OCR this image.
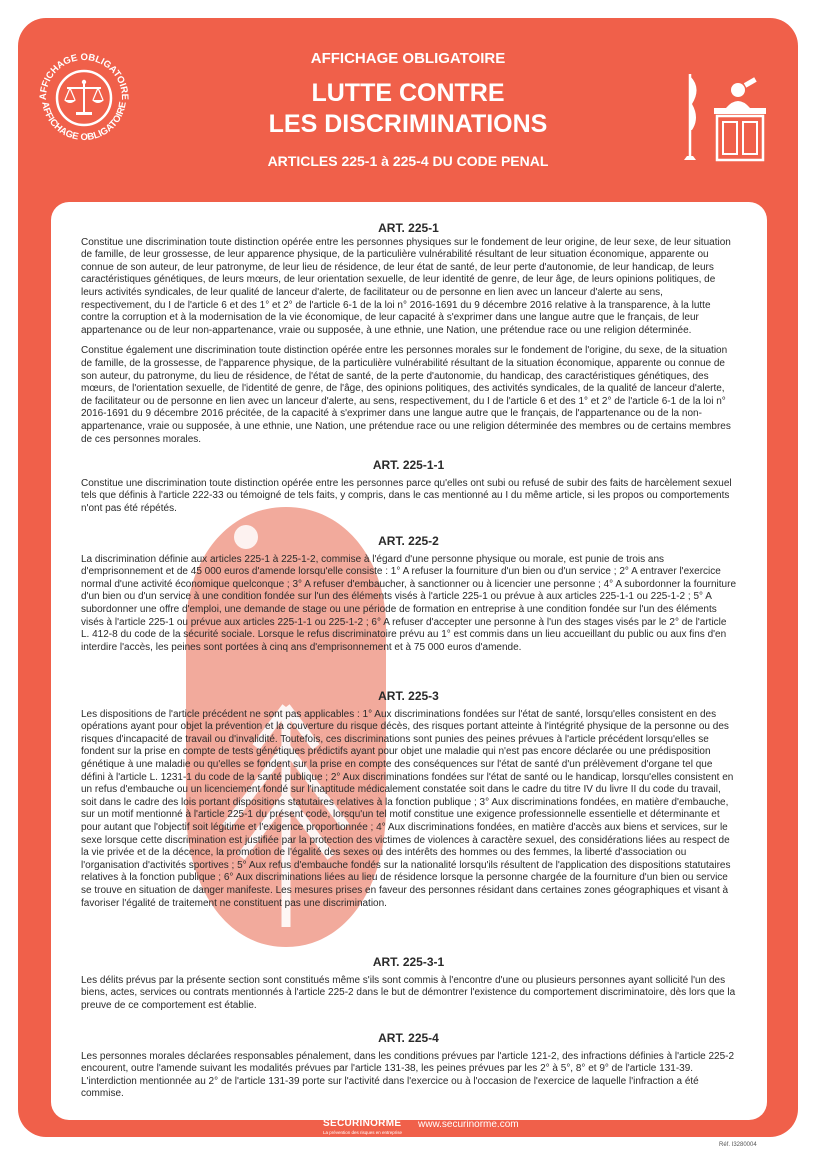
AFFICHAGE OBLIGATOIRE
AFFICHAGE OBLIGATOIRE
AFFICHAGE OBLIGATOIRE
LUTTE CONTRE
LES DISCRIMINATIONS
ARTICLES 225-1 à 225-4 DU CODE PENAL
ART. 225-1

Constitue une discrimination toute distinction opérée entre les personnes physiques sur le fondement de leur origine, de leur sexe, de leur situation de famille, de leur grossesse, de leur apparence physique, de la particulière vulnérabilité résultant de leur situation économique, apparente ou connue de son auteur, de leur patronyme, de leur lieu de résidence, de leur état de santé, de leur perte d'autonomie, de leur handicap, de leurs caractéristiques génétiques, de leurs mœurs, de leur orientation sexuelle, de leur identité de genre, de leur âge, de leurs opinions politiques, de leurs activités syndicales, de leur qualité de lanceur d'alerte, de facilitateur ou de personne en lien avec un lanceur d'alerte au sens, respectivement, du I de l'article 6 et des 1° et 2° de l'article 6-1 de la loi n° 2016-1691 du 9 décembre 2016 relative à la transparence, à la lutte contre la corruption et à la modernisation de la vie économique, de leur capacité à s'exprimer dans une langue autre que le français, de leur appartenance ou de leur non-appartenance, vraie ou supposée, à une ethnie, une Nation, une prétendue race ou une religion déterminée.

Constitue également une discrimination toute distinction opérée entre les personnes morales sur le fondement de l'origine, du sexe, de la situation de famille, de la grossesse, de l'apparence physique, de la particulière vulnérabilité résultant de la situation économique, apparente ou connue de son auteur, du patronyme, du lieu de résidence, de l'état de santé, de la perte d'autonomie, du handicap, des caractéristiques génétiques, des mœurs, de l'orientation sexuelle, de l'identité de genre, de l'âge, des opinions politiques, des activités syndicales, de la qualité de lanceur d'alerte, de facilitateur ou de personne en lien avec un lanceur d'alerte, au sens, respectivement, du I de l'article 6 et des 1° et 2° de l'article 6-1 de la loi n° 2016-1691 du 9 décembre 2016 précitée, de la capacité à s'exprimer dans une langue autre que le français, de l'appartenance ou de la non-appartenance, vraie ou supposée, à une ethnie, une Nation, une prétendue race ou une religion déterminée des membres ou de certains membres de ces personnes morales.

ART. 225-1-1

Constitue une discrimination toute distinction opérée entre les personnes parce qu'elles ont subi ou refusé de subir des faits de harcèlement sexuel tels que définis à l'article 222-33 ou témoigné de tels faits, y compris, dans le cas mentionné au I du même article, si les propos ou comportements n'ont pas été répétés.

ART. 225-2

La discrimination définie aux articles 225-1 à 225-1-2, commise à l'égard d'une personne physique ou morale, est punie de trois ans d'emprisonnement et de 45 000 euros d'amende lorsqu'elle consiste : 1° A refuser la fourniture d'un bien ou d'un service ; 2° A entraver l'exercice normal d'une activité économique quelconque ; 3° A refuser d'embaucher, à sanctionner ou à licencier une personne ; 4° A subordonner la fourniture d'un bien ou d'un service à une condition fondée sur l'un des éléments visés à l'article 225-1 ou prévue à aux articles 225-1-1 ou 225-1-2 ; 5° A subordonner une offre d'emploi, une demande de stage ou une période de formation en entreprise à une condition fondée sur l'un des éléments visés à l'article 225-1 ou prévue aux articles 225-1-1 ou 225-1-2 ; 6° A refuser d'accepter une personne à l'un des stages visés par le 2° de l'article L. 412-8 du code de la sécurité sociale. Lorsque le refus discriminatoire prévu au 1° est commis dans un lieu accueillant du public ou aux fins d'en interdire l'accès, les peines sont portées à cinq ans d'emprisonnement et à 75 000 euros d'amende.

ART. 225-3

Les dispositions de l'article précédent ne sont pas applicables : 1° Aux discriminations fondées sur l'état de santé, lorsqu'elles consistent en des opérations ayant pour objet la prévention et la couverture du risque décès, des risques portant atteinte à l'intégrité physique de la personne ou des risques d'incapacité de travail ou d'invalidité. Toutefois, ces discriminations sont punies des peines prévues à l'article précédent lorsqu'elles se fondent sur la prise en compte de tests génétiques prédictifs ayant pour objet une maladie qui n'est pas encore déclarée ou une prédisposition génétique à une maladie ou qu'elles se fondent sur la prise en compte des conséquences sur l'état de santé d'un prélèvement d'organe tel que défini à l'article L. 1231-1 du code de la santé publique ; 2° Aux discriminations fondées sur l'état de santé ou le handicap, lorsqu'elles consistent en un refus d'embauche ou un licenciement fondé sur l'inaptitude médicalement constatée soit dans le cadre du titre IV du livre II du code du travail, soit dans le cadre des lois portant dispositions statutaires relatives à la fonction publique ; 3° Aux discriminations fondées, en matière d'embauche, sur un motif mentionné à l'article 225-1 du présent code, lorsqu'un tel motif constitue une exigence professionnelle essentielle et déterminante et pour autant que l'objectif soit légitime et l'exigence proportionnée ; 4° Aux discriminations fondées, en matière d'accès aux biens et services, sur le sexe lorsque cette discrimination est justifiée par la protection des victimes de violences à caractère sexuel, des considérations liées au respect de la vie privée et de la décence, la promotion de l'égalité des sexes ou des intérêts des hommes ou des femmes, la liberté d'association ou l'organisation d'activités sportives ; 5° Aux refus d'embauche fondés sur la nationalité lorsqu'ils résultent de l'application des dispositions statutaires relatives à la fonction publique ; 6° Aux discriminations liées au lieu de résidence lorsque la personne chargée de la fourniture d'un bien ou service se trouve en situation de danger manifeste. Les mesures prises en faveur des personnes résidant dans certaines zones géographiques et visant à favoriser l'égalité de traitement ne constituent pas une discrimination.

ART. 225-3-1

Les délits prévus par la présente section sont constitués même s'ils sont commis à l'encontre d'une ou plusieurs personnes ayant sollicité l'un des biens, actes, services ou contrats mentionnés à l'article 225-2 dans le but de démontrer l'existence du comportement discriminatoire, dès lors que la preuve de ce comportement est établie.

ART. 225-4

Les personnes morales déclarées responsables pénalement, dans les conditions prévues par l'article 121-2, des infractions définies à l'article 225-2 encourent, outre l'amende suivant les modalités prévues par l'article 131-38, les peines prévues par les 2° à 5°, 8° et 9° de l'article 131-39. L'interdiction mentionnée au 2° de l'article 131-39 porte sur l'activité dans l'exercice ou à l'occasion de l'exercice de laquelle l'infraction a été commise.

SECURINORME
La prévention des risques en entreprise
www.securinorme.com
Réf. I3280004
